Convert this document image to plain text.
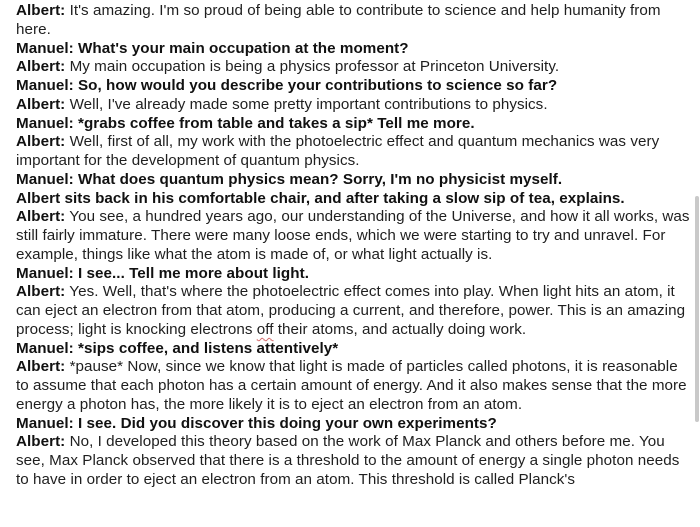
Albert: It's amazing. I'm so proud of being able to contribute to science and help humanity from here.

Manuel: What's your main occupation at the moment?

Albert: My main occupation is being a physics professor at Princeton University.

Manuel: So, how would you describe your contributions to science so far?

Albert: Well, I've already made some pretty important contributions to physics.

Manuel: *grabs coffee from table and takes a sip* Tell me more.

Albert: Well, first of all, my work with the photoelectric effect and quantum mechanics was very important for the development of quantum physics.

Manuel: What does quantum physics mean? Sorry, I'm no physicist myself.

Albert sits back in his comfortable chair, and after taking a slow sip of tea, explains.

Albert: You see, a hundred years ago, our understanding of the Universe, and how it all works, was still fairly immature. There were many loose ends, which we were starting to try and unravel. For example, things like what the atom is made of, or what light actually is.

Manuel: I see... Tell me more about light.

Albert: Yes. Well, that's where the photoelectric effect comes into play. When light hits an atom, it can eject an electron from that atom, producing a current, and therefore, power. This is an amazing process; light is knocking electrons off their atoms, and actually doing work.

Manuel: *sips coffee, and listens attentively*

Albert: *pause* Now, since we know that light is made of particles called photons, it is reasonable to assume that each photon has a certain amount of energy. And it also makes sense that the more energy a photon has, the more likely it is to eject an electron from an atom.

Manuel: I see. Did you discover this doing your own experiments?

Albert: No, I developed this theory based on the work of Max Planck and others before me. You see, Max Planck observed that there is a threshold to the amount of energy a single photon needs to have in order to eject an electron from an atom. This threshold is called Planck's
